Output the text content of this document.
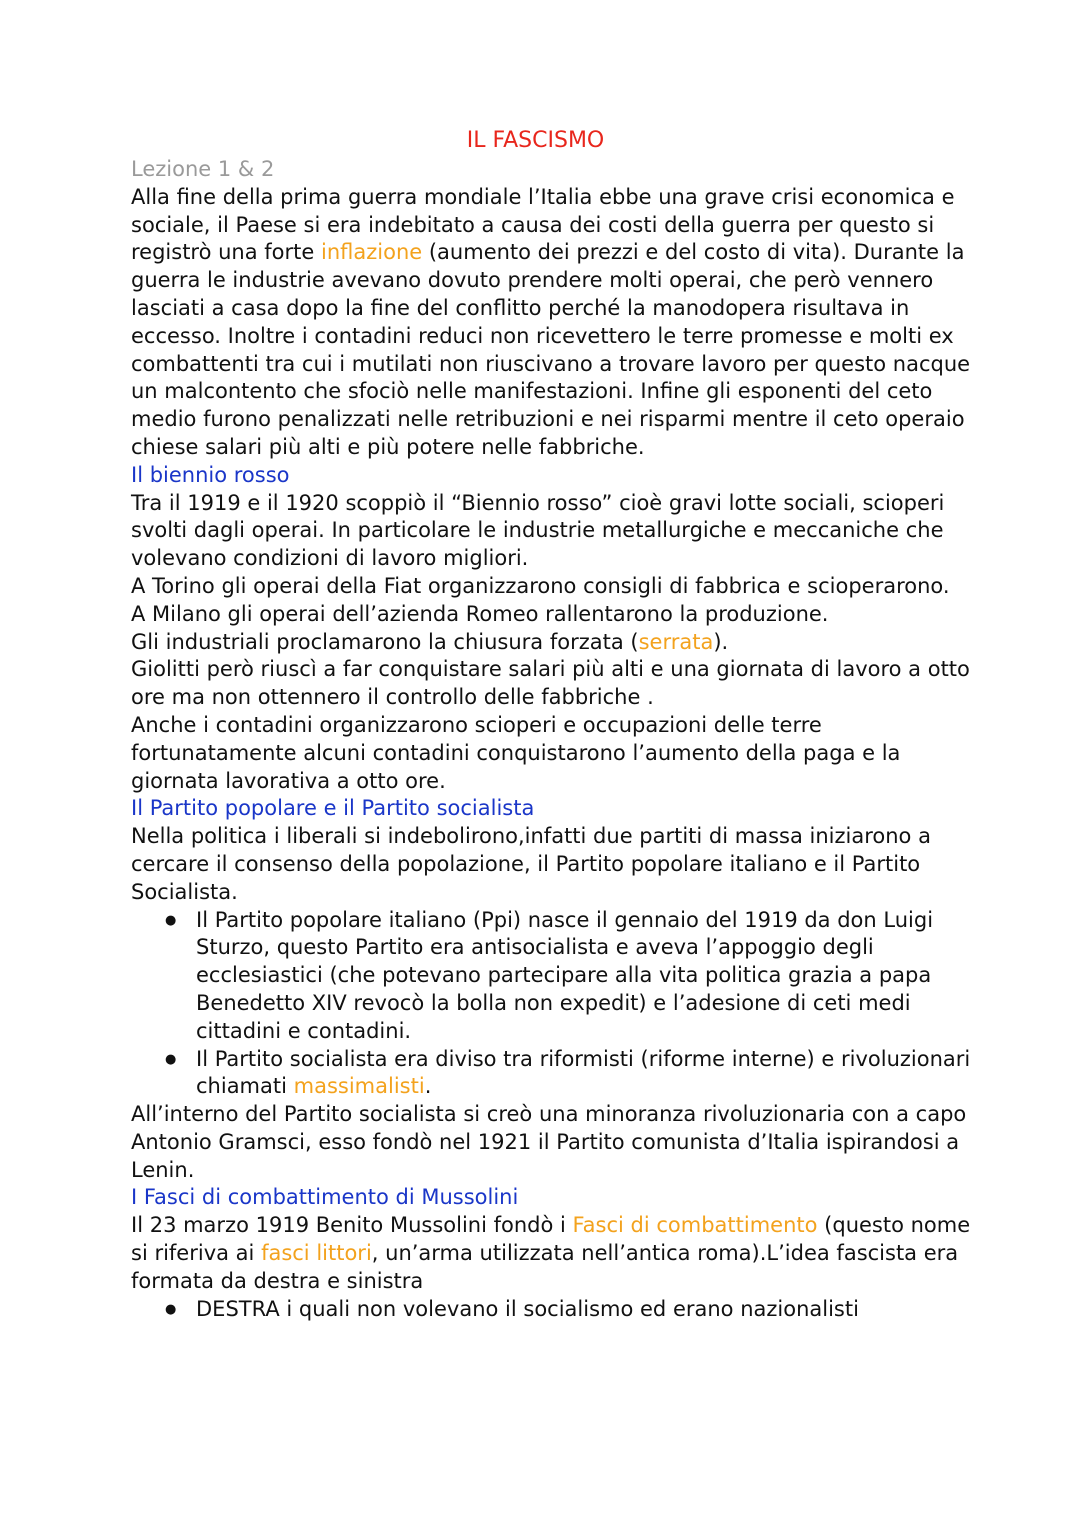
IL FASCISMO

Lezione 1 & 2

Alla fine della prima guerra mondiale l’Italia ebbe una grave crisi economica e sociale, il Paese si era indebitato a causa dei costi della guerra per questo si registrò una forte inflazione (aumento dei prezzi e del costo di vita). Durante la guerra le industrie avevano dovuto prendere molti operai, che però vennero lasciati a casa dopo la fine del conflitto perché la manodopera risultava in eccesso. Inoltre i contadini reduci non ricevettero le terre promesse e molti ex combattenti tra cui i mutilati non riuscivano a trovare lavoro per questo nacque un malcontento che sfociò nelle manifestazioni. Infine gli esponenti del ceto medio furono penalizzati nelle retribuzioni e nei risparmi mentre il ceto operaio chiese salari più alti e più potere nelle fabbriche.

Il biennio rosso

Tra il 1919 e il 1920 scoppiò il “Biennio rosso” cioè gravi lotte sociali, scioperi svolti dagli operai. In particolare le industrie metallurgiche e meccaniche che volevano condizioni di lavoro migliori.

A Torino gli operai della Fiat organizzarono consigli di fabbrica e scioperarono.

A Milano gli operai dell’azienda Romeo rallentarono la produzione.

Gli industriali proclamarono la chiusura forzata (serrata).

Giolitti però riuscì a far conquistare salari più alti e una giornata di lavoro a otto ore ma non ottennero il controllo delle fabbriche .

Anche i contadini organizzarono scioperi e occupazioni delle terre fortunatamente alcuni contadini conquistarono l’aumento della paga e la giornata lavorativa a otto ore.

Il Partito popolare e il Partito socialista

Nella politica i liberali si indebolirono,infatti due partiti di massa iniziarono a cercare il consenso della popolazione, il Partito popolare italiano e il Partito Socialista.

● Il Partito popolare italiano (Ppi) nasce il gennaio del 1919 da don Luigi Sturzo, questo Partito era antisocialista e aveva l’appoggio degli ecclesiastici (che potevano partecipare alla vita politica grazia a papa Benedetto XIV revocò la bolla non expedit) e l’adesione di ceti medi cittadini e contadini.
● Il Partito socialista era diviso tra riformisti (riforme interne) e rivoluzionari chiamati massimalisti.

All’interno del Partito socialista si creò una minoranza rivoluzionaria con a capo Antonio Gramsci, esso fondò nel 1921 il Partito comunista d’Italia ispirandosi a Lenin.

I Fasci di combattimento di Mussolini

Il 23 marzo 1919 Benito Mussolini fondò i Fasci di combattimento (questo nome si riferiva ai fasci littori, un’arma utilizzata nell’antica roma).L’idea fascista era formata da destra e sinistra

● DESTRA i quali non volevano il socialismo ed erano nazionalisti
